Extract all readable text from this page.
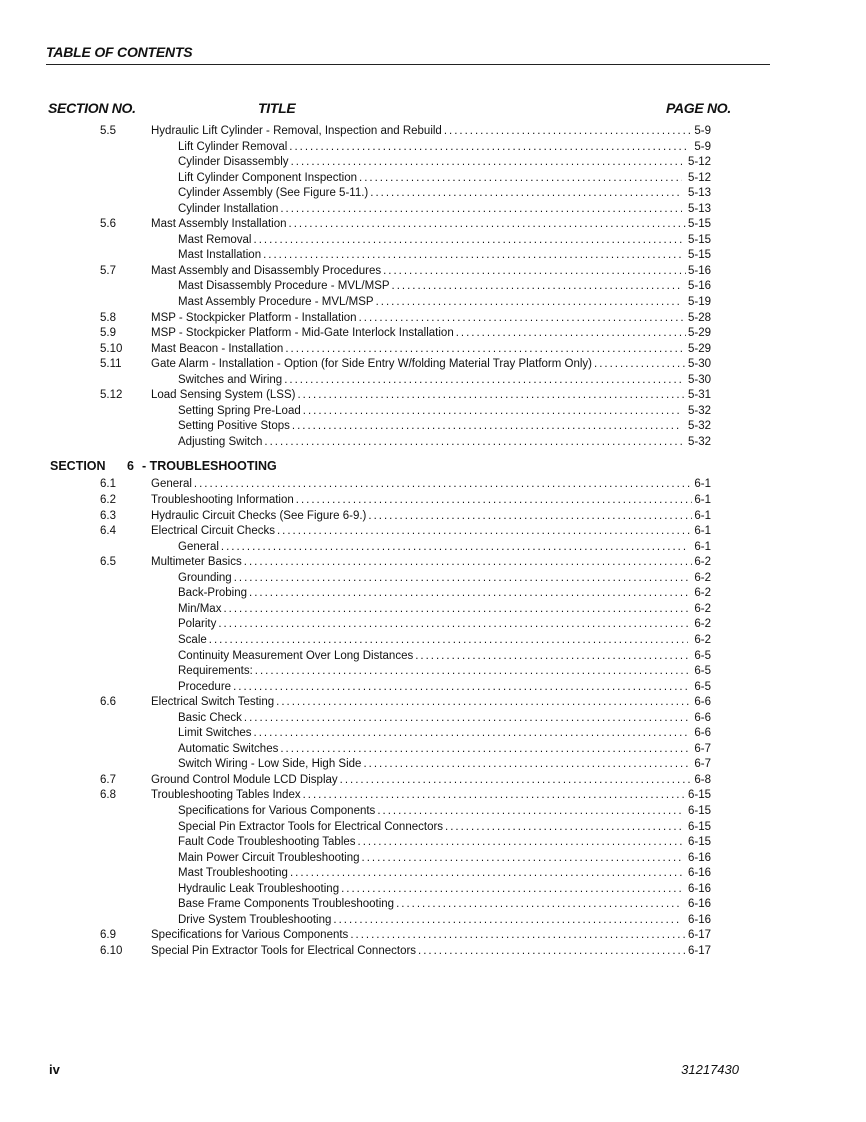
TABLE OF CONTENTS
SECTION NO.	TITLE	PAGE NO.
5.5	Hydraulic Lift Cylinder - Removal, Inspection and Rebuild . . .	5-9
Lift Cylinder Removal . . .	5-9
Cylinder Disassembly . . .	5-12
Lift Cylinder Component Inspection . . .	5-12
Cylinder Assembly (See Figure 5-11.) . . .	5-13
Cylinder Installation . . .	5-13
5.6	Mast Assembly Installation . . .	5-15
Mast Removal . . .	5-15
Mast Installation . . .	5-15
5.7	Mast Assembly and Disassembly Procedures . . .	5-16
Mast Disassembly Procedure - MVL/MSP . . .	5-16
Mast Assembly Procedure - MVL/MSP . . .	5-19
5.8	MSP - Stockpicker Platform - Installation . . .	5-28
5.9	MSP - Stockpicker Platform - Mid-Gate Interlock Installation . . .	5-29
5.10 Mast Beacon - Installation . . .	5-29
5.11	Gate Alarm - Installation - Option (for Side Entry W/folding Material Tray Platform Only) . . .	5-30
Switches and Wiring . . .	5-30
5.12 Load Sensing System (LSS) . . .	5-31
Setting Spring Pre-Load . . .	5-32
Setting Positive Stops . . .	5-32
Adjusting Switch . . .	5-32
SECTION 6 - TROUBLESHOOTING
6.1	General . . .	6-1
6.2	Troubleshooting Information . . .	6-1
6.3	Hydraulic Circuit Checks (See Figure 6-9.) . . .	6-1
6.4	Electrical Circuit Checks . . .	6-1
General . . .	6-1
6.5	Multimeter Basics . . .	6-2
Grounding . . .	6-2
Back-Probing . . .	6-2
Min/Max . . .	6-2
Polarity . . .	6-2
Scale . . .	6-2
Continuity Measurement Over Long Distances . . .	6-5
Requirements: . . .	6-5
Procedure . . .	6-5
6.6	Electrical Switch Testing . . .	6-6
Basic Check . . .	6-6
Limit Switches . . .	6-6
Automatic Switches . . .	6-7
Switch Wiring - Low Side, High Side . . .	6-7
6.7	Ground Control Module LCD Display . . .	6-8
6.8	Troubleshooting Tables Index . . .	6-15
Specifications for Various Components . . .	6-15
Special Pin Extractor Tools for Electrical Connectors . . .	6-15
Fault Code Troubleshooting Tables . . .	6-15
Main Power Circuit Troubleshooting . . .	6-16
Mast Troubleshooting . . .	6-16
Hydraulic Leak Troubleshooting . . .	6-16
Base Frame Components Troubleshooting . . .	6-16
Drive System Troubleshooting . . .	6-16
6.9	Specifications for Various Components . . .	6-17
6.10 Special Pin Extractor Tools for Electrical Connectors . . .	6-17
iv	31217430
